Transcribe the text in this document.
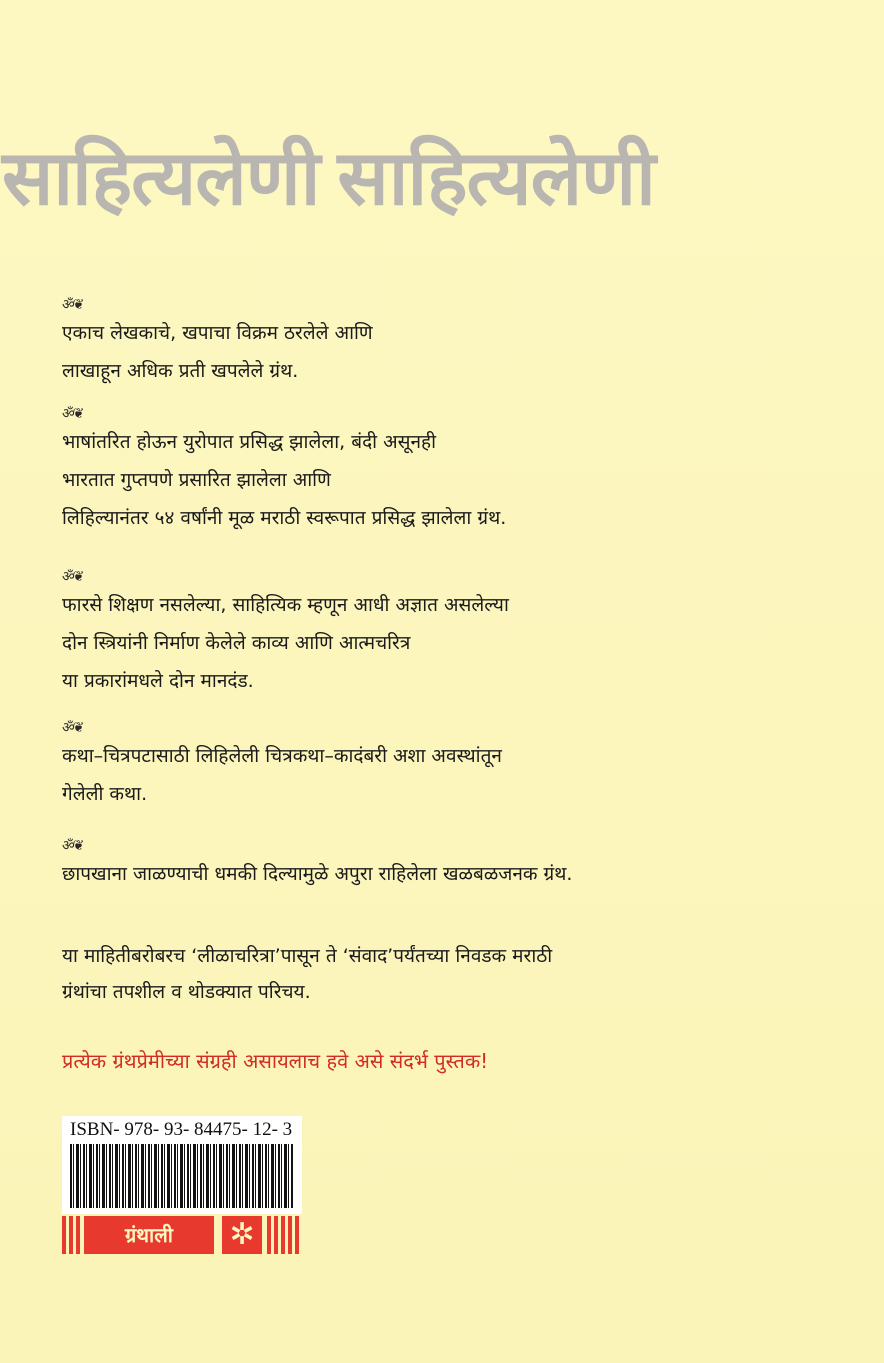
साहित्यलेणी साहित्यलेणी
ॐ❦
एकाच लेखकाचे, खपाचा विक्रम ठरलेले आणि
लाखाहून अधिक प्रती खपलेले ग्रंथ.
ॐ❦
भाषांतरित होऊन युरोपात प्रसिद्ध झालेला, बंदी असूनही
भारतात गुप्तपणे प्रसारित झालेला आणि
लिहिल्यानंतर ५४ वर्षांनी मूळ मराठी स्वरूपात प्रसिद्ध झालेला ग्रंथ.
ॐ❦
फारसे शिक्षण नसलेल्या, साहित्यिक म्हणून आधी अज्ञात असलेल्या
दोन स्त्रियांनी निर्माण केलेले काव्य आणि आत्मचरित्र
या प्रकारांमधले दोन मानदंड.
ॐ❦
कथा–चित्रपटासाठी लिहिलेली चित्रकथा–कादंबरी अशा अवस्थांतून
गेलेली कथा.
ॐ❦
छापखाना जाळण्याची धमकी दिल्यामुळे अपुरा राहिलेला खळबळजनक ग्रंथ.
या माहितीबरोबरच ‘लीळाचरित्रा’पासून ते ‘संवाद’पर्यंतच्या निवडक मराठी
ग्रंथांचा तपशील व थोडक्यात परिचय.
प्रत्येक ग्रंथप्रेमीच्या संग्रही असायलाच हवे असे संदर्भ पुस्तक!
ISBN- 978- 93- 84475- 12- 3
ग्रंथाली	✲
